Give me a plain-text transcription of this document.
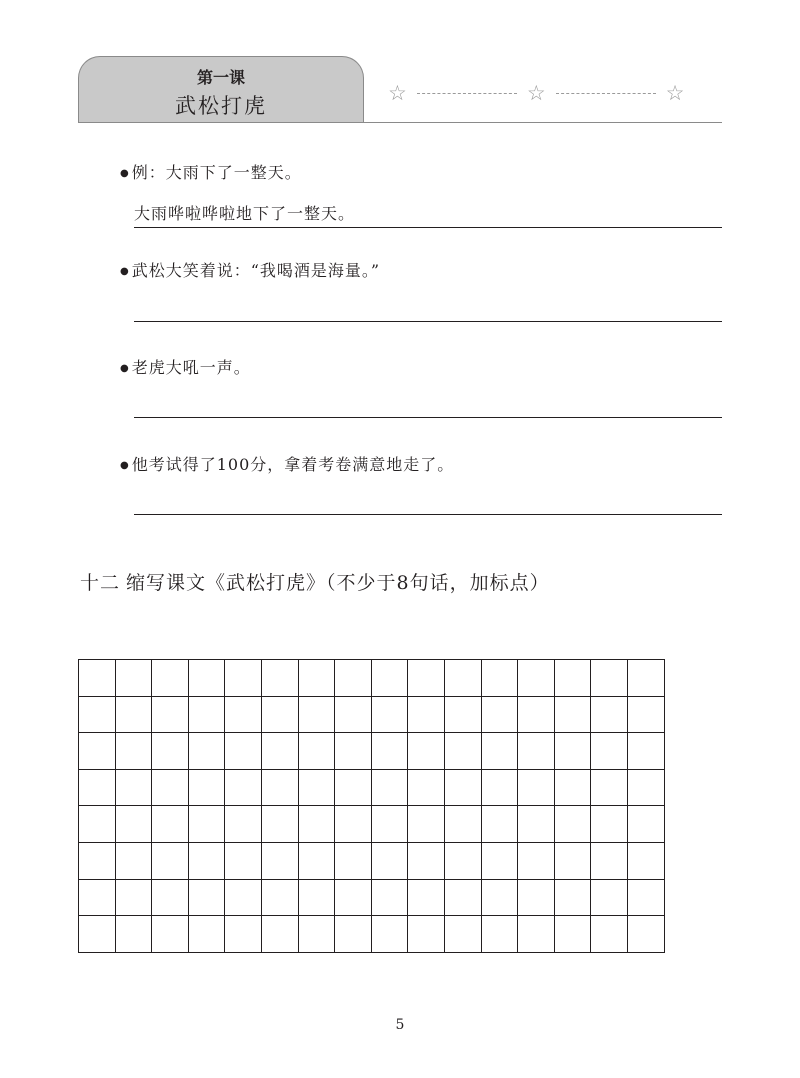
第一课
武松打虎
☆	☆	☆
● 例：大雨下了一整天。
大雨哗啦哗啦地下了一整天。
● 武松大笑着说：“我喝酒是海量。”
● 老虎大吼一声。
● 他考试得了100分，拿着考卷满意地走了。
十二 缩写课文《武松打虎》（不少于8句话，加标点）

5
